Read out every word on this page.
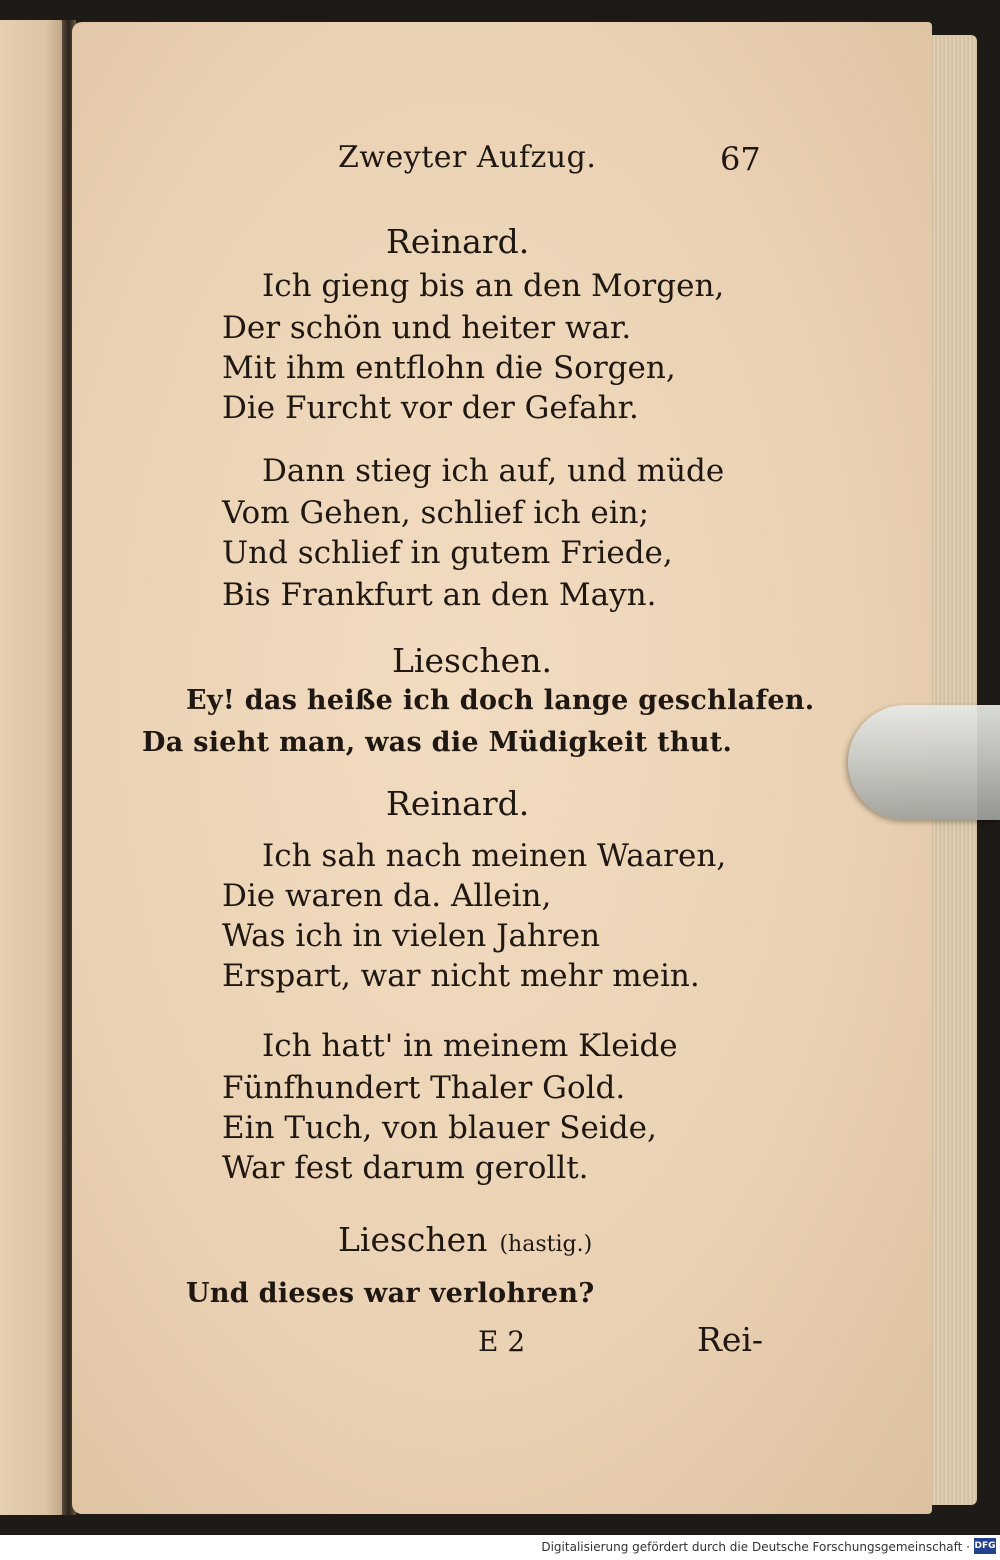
Zweyter Aufzug.	67
Reinard.
Ich gieng bis an den Morgen,
Der schön und heiter war.
Mit ihm entflohn die Sorgen,
Die Furcht vor der Gefahr.
Dann stieg ich auf, und müde
Vom Gehen, schlief ich ein;
Und schlief in gutem Friede,
Bis Frankfurt an den Mayn.
Lieschen.
Ey! das heiße ich doch lange geschlafen.
Da sieht man, was die Müdigkeit thut.
Reinard.
Ich sah nach meinen Waaren,
Die waren da. Allein,
Was ich in vielen Jahren
Erspart, war nicht mehr mein.
Ich hatt' in meinem Kleide
Fünfhundert Thaler Gold.
Ein Tuch, von blauer Seide,
War fest darum gerollt.
Lieschen (hastig.)
Und dieses war verlohren?
E 2	Rei-
Digitalisierung gefördert durch die Deutsche Forschungsgemeinschaft · DFG
